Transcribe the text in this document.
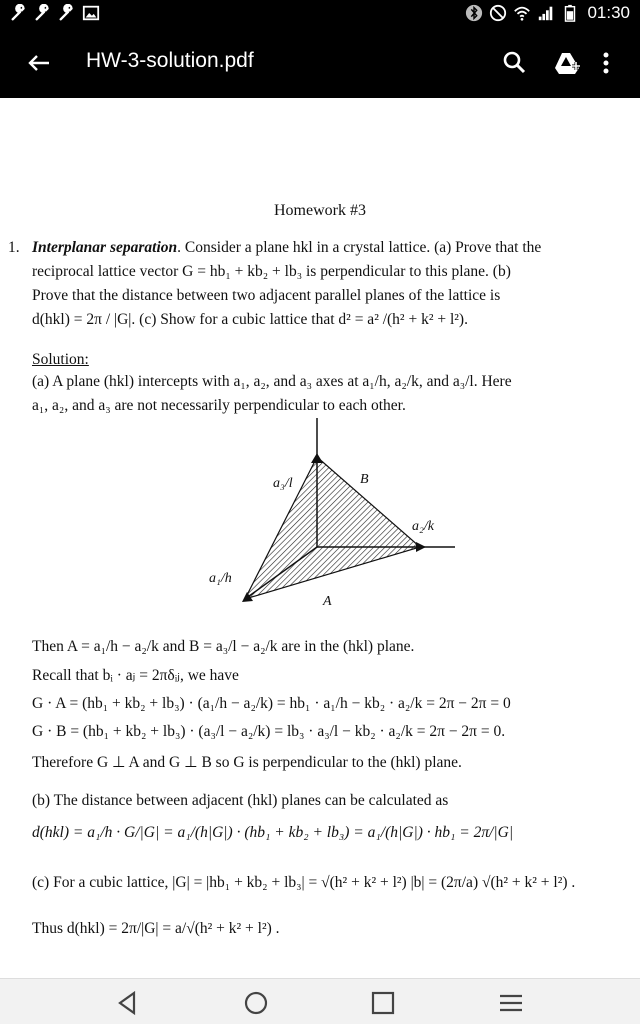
01:30
HW-3-solution.pdf
Homework #3
1. Interplanar separation. Consider a plane hkl in a crystal lattice. (a) Prove that the
reciprocal lattice vector G = hb₁ + kb₂ + lb₃ is perpendicular to this plane. (b)
Prove that the distance between two adjacent parallel planes of the lattice is
d(hkl) = 2π / |G|. (c) Show for a cubic lattice that d² = a² /(h² + k² + l²).
Solution:
(a) A plane (hkl) intercepts with a₁, a₂, and a₃ axes at a₁/h, a₂/k, and a₃/l. Here
a₁, a₂, and a₃ are not necessarily perpendicular to each other.
a₃/l	B
a₂/k
a₁/h
A
Then A = a₁/h − a₂/k and B = a₃/l − a₂/k are in the (hkl) plane.
Recall that bᵢ · aⱼ = 2πδᵢⱼ, we have
G · A = (hb₁ + kb₂ + lb₃) · (a₁/h − a₂/k) = hb₁ · a₁/h − kb₂ · a₂/k = 2π − 2π = 0
G · B = (hb₁ + kb₂ + lb₃) · (a₃/l − a₂/k) = lb₃ · a₃/l − kb₂ · a₂/k = 2π − 2π = 0.
Therefore G ⊥ A and G ⊥ B so G is perpendicular to the (hkl) plane.
(b) The distance between adjacent (hkl) planes can be calculated as
d(hkl) = a₁/h · G/|G| = a₁/(h|G|) · (hb₁ + kb₂ + lb₃) = a₁/(h|G|) · hb₁ = 2π/|G|
(c) For a cubic lattice, |G| = |hb₁ + kb₂ + lb₃| = √(h² + k² + l²) |b| = (2π/a) √(h² + k² + l²) .
Thus d(hkl) = 2π/|G| = a/√(h² + k² + l²) .
